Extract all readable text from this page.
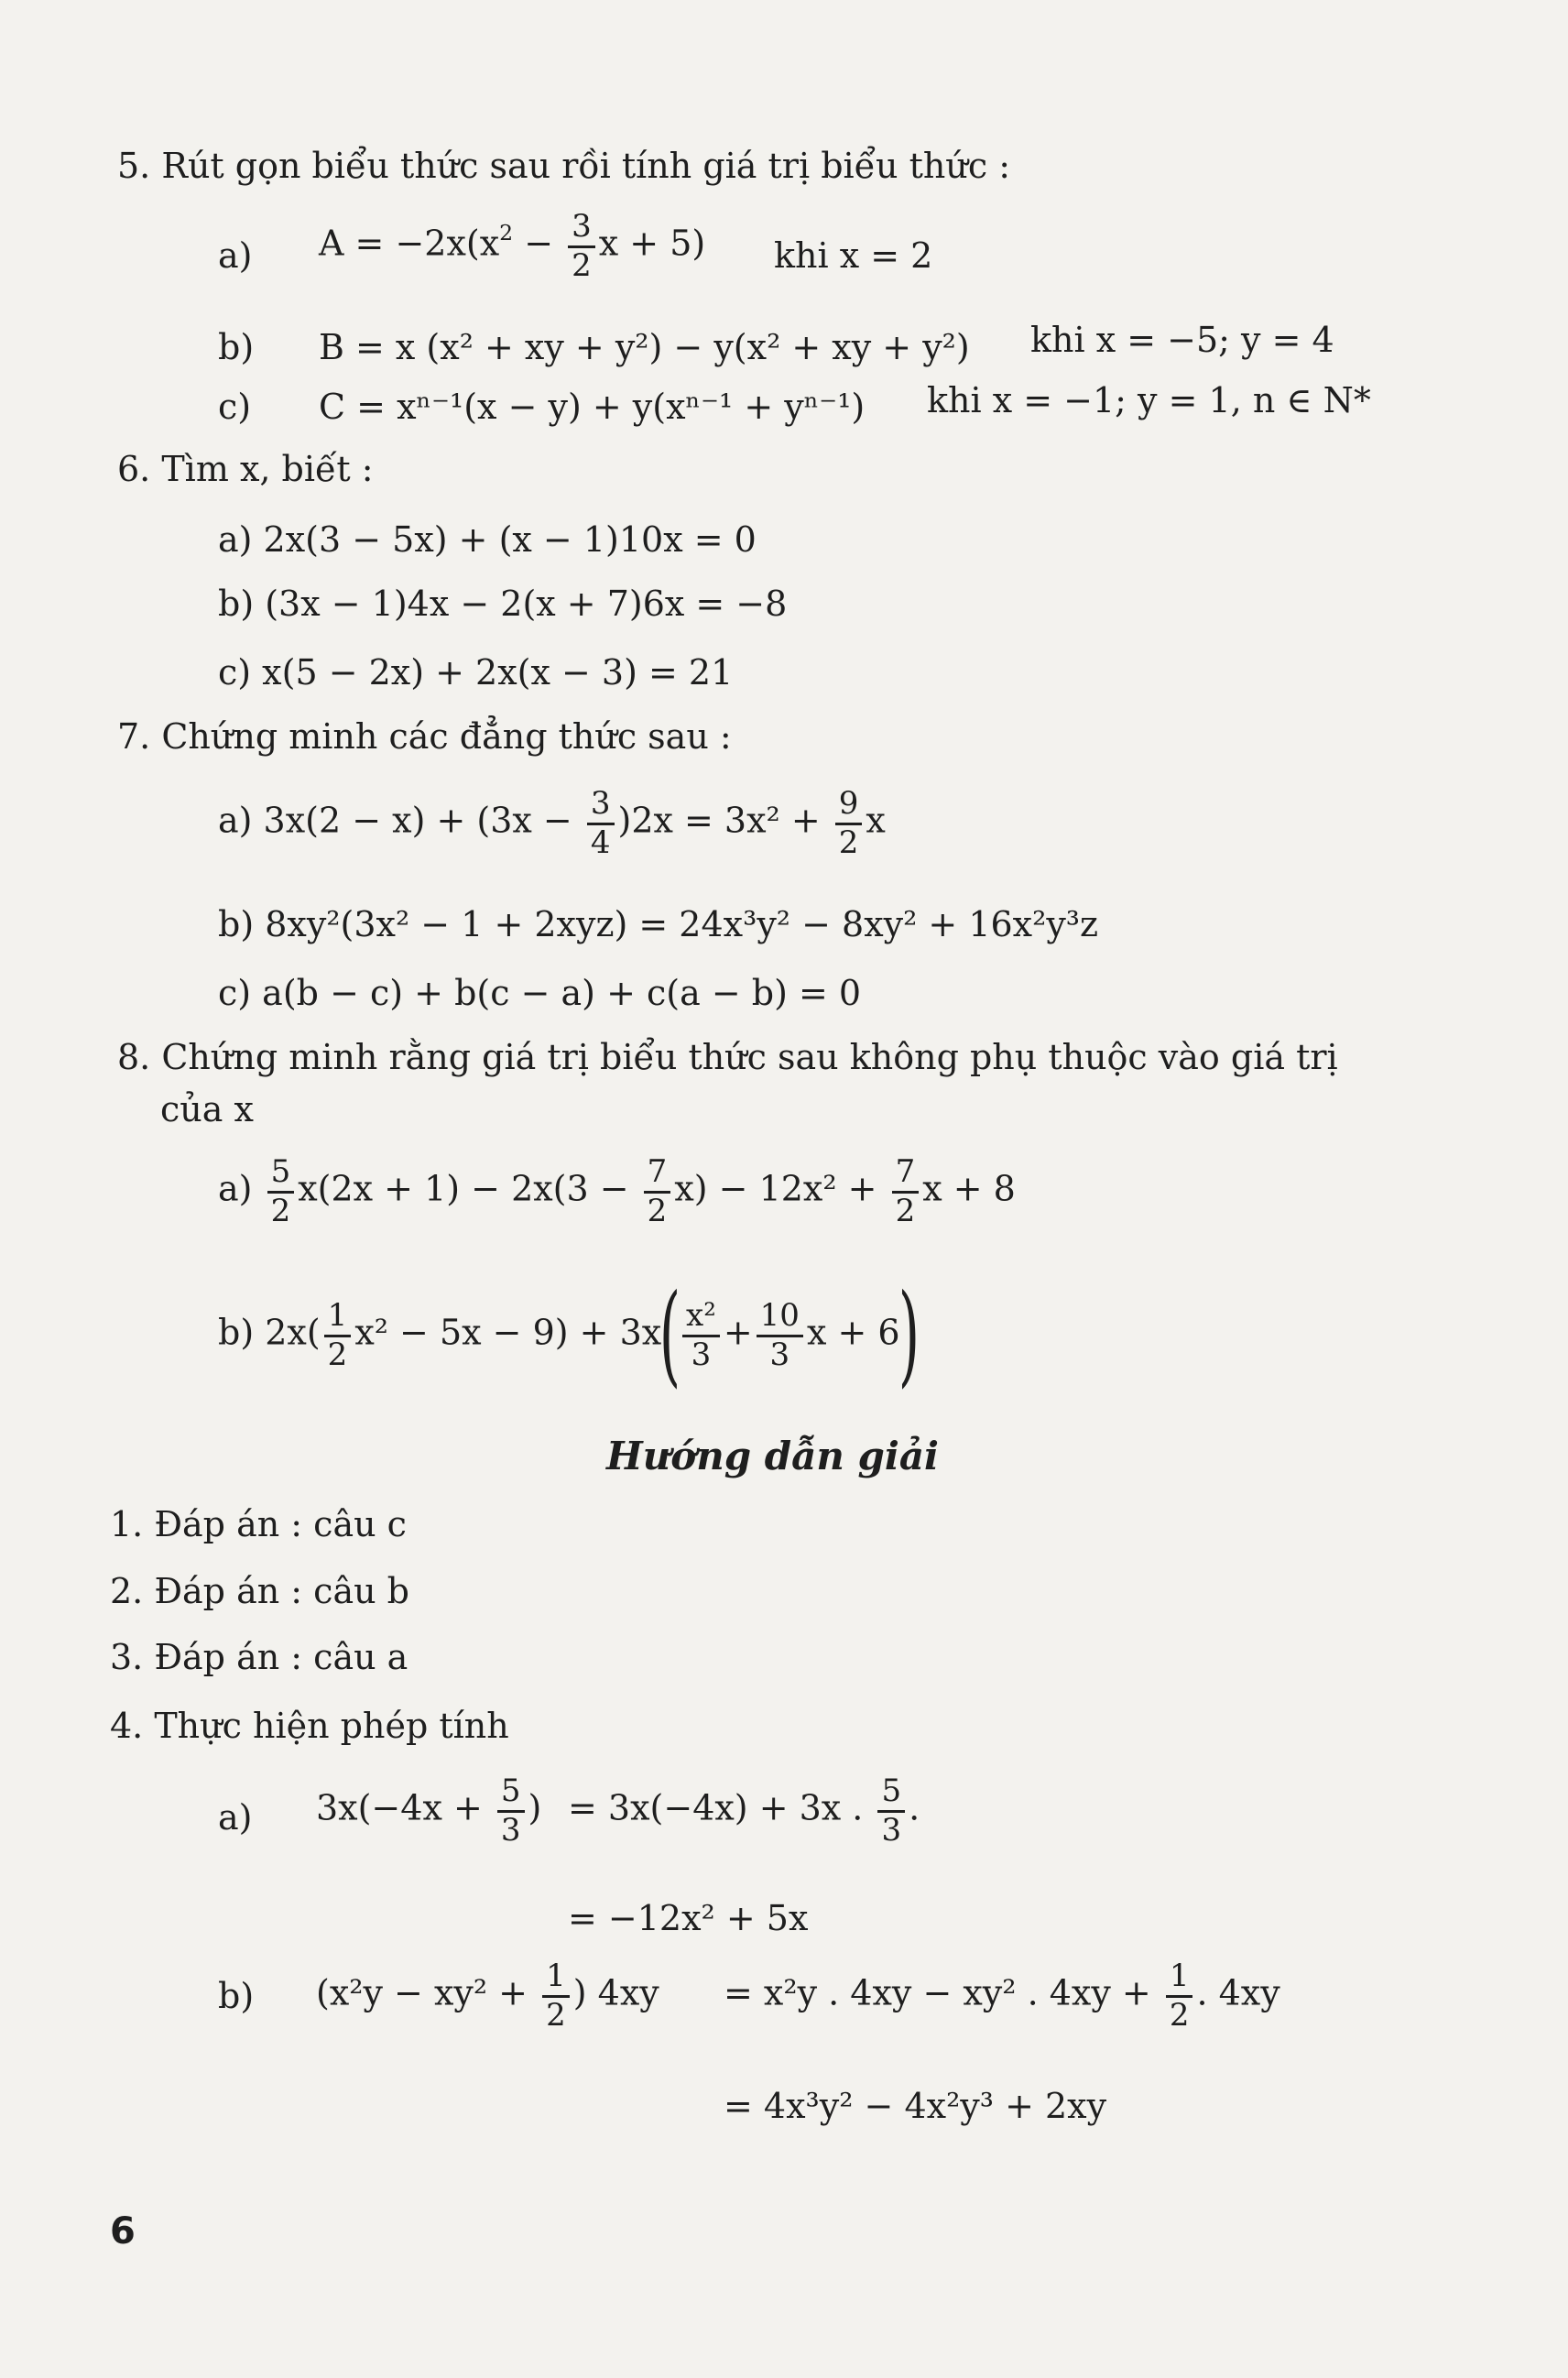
5. Rút gọn biểu thức sau rồi tính giá trị biểu thức :
a) $A = -2x(x^2 - \frac{3}{2}$ x + 5) khi x = 2
b) B = x (x² + xy + y²) − y(x² + xy + y²) khi x = −5; y = 4
c) C = xⁿ⁻¹(x − y) + y(xⁿ⁻¹ + yⁿ⁻¹) khi x = −1; y = 1, n ∈ N*
6. Tìm x, biết :
a) 2x(3 − 5x) + (x − 1)10x = 0
b) (3x − 1)4x − 2(x + 7)6x = −8
c) x(5 − 2x) + 2x(x − 3) = 21
7. Chứng minh các đẳng thức sau :
a) $3x(2 - x) + (3x - \frac{3}{4} )2x = 3x^2 + \frac{9}{2}$ x
b) 8xy²(3x² − 1 + 2xyz) = 24x³y² − 8xy² + 16x²y³z
c) a(b − c) + b(c − a) + c(a − b) = 0
8. Chứng minh rằng giá trị biểu thức sau không phụ thuộc vào giá trị
của x
$a) \frac{5}{2} x(2x + 1) - 2x(3 - \frac{7}{2} x) - 12x^2 + \frac{7}{2}$ x + 8
b) $2x( \frac{1}{2} x^2 - 5x - 9) + 3x( \frac{\text{x²}}{3} + \frac{10}{3}$ x + 6)
Hướng dẫn giải
1. Đáp án : câu c
2. Đáp án : câu b
3. Đáp án : câu a
4. Thực hiện phép tính
a) $3x(-4x + \frac{5}{3}$ ) = 3x(−4x) + 3x . $\frac{5}{3}$ .
= −12x² + 5x
b) ($x^2y - xy^2 + \frac{1}{2}$ ) 4xy = x²y . 4xy − xy² . $4xy + \frac{1}{2}$ . 4xy
= 4x³y² − 4x²y³ + 2xy
6
